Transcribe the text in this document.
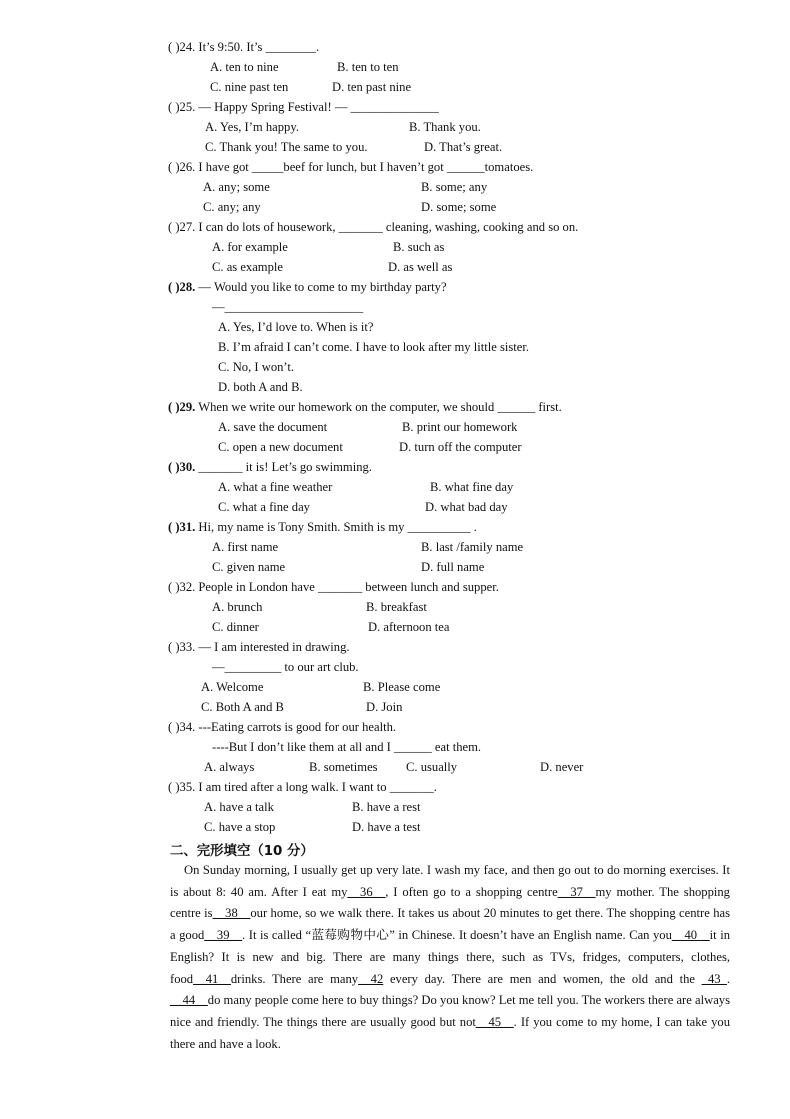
( )24. It’s 9:50. It’s ________.
A. ten to nine	B. ten to ten
C. nine past ten	D. ten past nine
( )25. — Happy Spring Festival! — ______________
A. Yes, I’m happy.	B. Thank you.
C. Thank you! The same to you.	D. That’s great.
( )26. I have got _____beef for lunch, but I haven’t got ______tomatoes.
A. any; some	B. some; any
C. any; any	D. some; some
( )27. I can do lots of housework, _______ cleaning, washing, cooking and so on.
A. for example	B. such as
C. as example	D. as well as
( )28. — Would you like to come to my birthday party?
—______________________
A. Yes, I’d love to. When is it?
B. I’m afraid I can’t come. I have to look after my little sister.
C. No, I won’t.
D. both A and B.
( )29. When we write our homework on the computer, we should ______ first.
A. save the document	B. print our homework
C. open a new document	D. turn off the computer
( )30. _______ it is! Let’s go swimming.
A. what a fine weather	B. what fine day
C. what a fine day	D. what bad day
( )31. Hi, my name is Tony Smith. Smith is my __________ .
A. first name	B. last /family name
C. given name	D. full name
( )32. People in London have _______ between lunch and supper.
A. brunch	B. breakfast
C. dinner	D. afternoon tea
( )33. — I am interested in drawing.
—_________ to our art club.
A. Welcome	B. Please come
C. Both A and B	D. Join
( )34. ---Eating carrots is good for our health.
----But I don’t like them at all and I ______ eat them.
A. always	B. sometimes C. usually	D. never
( )35. I am tired after a long walk. I want to _______.
A. have a talk	B. have a rest
C. have a stop	D. have a test
二、完形填空（10 分）

On Sunday morning, I usually get up very late. I wash my face, and then go out to do morning exercises. It is about 8: 40 am. After I eat my__36__, I often go to a shopping centre__37__my mother. The shopping centre is__38__our home, so we walk there. It takes us about 20 minutes to get there. The shopping centre has a good__39__. It is called “蓝莓购物中心” in Chinese. It doesn’t have an English name. Can you__40__it in English? It is new and big. There are many things there, such as TVs, fridges, computers, clothes, food__41__drinks. There are many__42 every day. There are men and women, the old and the _43_. __44__do many people come here to buy things? Do you know? Let me tell you. The workers there are always nice and friendly. The things there are usually good but not__45__. If you come to my home, I can take you there and have a look.
